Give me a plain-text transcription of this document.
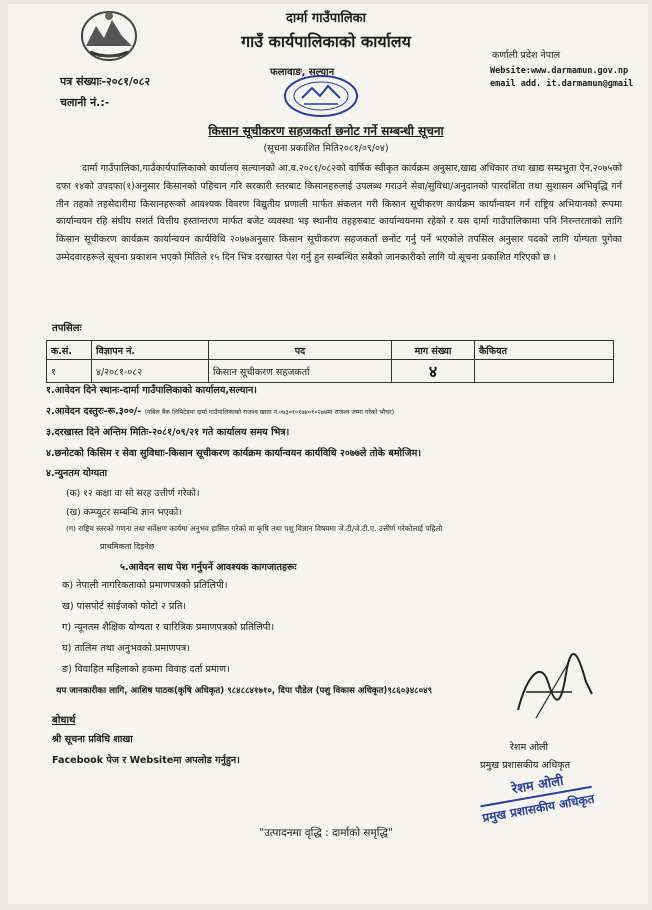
दार्मा गाउँपालिका
गाउँ कार्यपालिकाको कार्यालय
फलावाङ, सल्यान
कर्णाली प्रदेश नेपाल
Website:www.darmamun.gov.np
email add. it.darmamun@gmail
पत्र संख्याः-२०८१/०८२
चलानी नं.:-
किसान सूचीकरण सहजकर्ता छनोट गर्ने सम्बन्धी सूचना
(सूचना प्रकाशित मिति२०८१/०९/०४)
दार्मा गाउँपालिका,गाउँकार्यपालिकाको कार्यालय सल्यानको आ.व.२०८१/०८२को वार्षिक स्वीकृत कार्यक्रम अनुसार,खाद्य अधिकार तथा खाद्य सम्प्रभुता ऐन,२०७५को दफा १४को उपदफा(१)अनुसार किसानको पहिचान गरि सरकारी स्तरबाट किसानहरुलाई उपलब्ध गराउने सेवा/सुविधा/अनुदानको पारदर्शिता तथा सुशासन अभिवृद्धि गर्न तीन तहको तहसेदारीमा किसानहरूको आवश्यक विवरण विद्युतीय प्रणाली मार्फत संकलन गरी किसान सूचीकरण कार्यक्रम कार्यान्वयन गर्न राष्ट्रिय अभियानको रूपमा कार्यान्वयन रहि संघीय सशर्त वित्तीय हस्तान्तरण मार्फत बजेट व्यवस्था भइ स्थानीय तहहरुबाट कार्यान्वयनमा रहेको र यस दार्मा गाउँपालिकामा पनि निरन्तरताको लागि किसान सूचीकरण कार्यक्रम कार्यान्वयन कार्यविधि २०७७अनुसार किसान सूचीकरण सहजकर्ता छनोट गर्नु पर्ने भएकोले तपसिल अनुसार पदको लागि योग्यता पुगेका उम्मेदवारहरूले सूचना प्रकाशन भएको मितिले १५ दिन भित्र दरखास्त पेश गर्नु हुन सम्बन्धित सबैको जानकारीको लागि यो सूचना प्रकाशित गरिएको छ ।
तपसिलः
क.सं.	विज्ञापन नं.	पद	माग संख्या	कैफियत
१	४/२०८१-०८२	किसान सूचीकरण सहजकर्ता	४	
१.आवेदन दिने स्थानः-दार्मा गाउँपालिकाको कार्यालय,सल्यान।
२.आवेदन दस्तुरः-रू.३००/- (नबिल बैंक लिमिटेडमा दार्मा गाउँपालिकाको राजश्व खाता नं.०७३०१०१७४०१०२७४मा राजश्व जम्मा गरेको भौचर)
३.दरखास्त दिने अन्तिम मितिः-२०८१/०९/२१ गते कार्यालय समय भित्र।
४.छनोटको किसिम र सेवा सुविधाः-किसान सूचीकरण कार्यक्रम कार्यान्वयन कार्यविधि २०७७ले तोके बमोजिम।
४.न्युनतम योग्यता
(क) १२ कक्षा वा सो सरह उत्तीर्ण गरेको।
(ख) कम्प्युटर सम्बन्धि ज्ञान भएको।
(ग) राष्ट्रिय स्तरको गणना तथा सर्वेक्षण कार्यमा अनुभव हासिल गरेको वा कृषि तथा पशु विज्ञान विषयमा जे.टी/जे.टी.ए. उत्तीर्ण गरेकोलाई पहिलो
प्राथमिकता दिइनेछ
५.आवेदन साथ पेश गर्नुपर्ने आवश्यक कागजातहरूः
क) नेपाली नागरिकताको प्रमाणपत्रको प्रतिलिपी।
ख) पासपोर्ट साईजको फोटो २ प्रति।
ग) न्यूनतम शैक्षिक योग्यता र चारित्रिक प्रमाणपत्रको प्रतिलिपी।
घ) तालिम तथा अनुभवको प्रमाणपत्र।
ङ) विवाहित महिलाको हकमा विवाह दर्ता प्रमाण।
थप जानकारीका लागि, आशिष पाठक(कृषि अधिकृत) ९८४८८४१७१०, दिपा पौडेल (पशु विकास अधिकृत)९८६०३४८०४९
बोधार्थ
श्री सूचना प्रविधि शाखा
Facebook पेज र Websiteमा अपलोड गर्नुहुन।
रेशम ओली
प्रमुख प्रशासकीय अधिकृत
रेशम ओली
प्रमुख प्रशासकीय अधिकृत
"उत्पादनमा वृद्धि : दार्माको समृद्धि"
